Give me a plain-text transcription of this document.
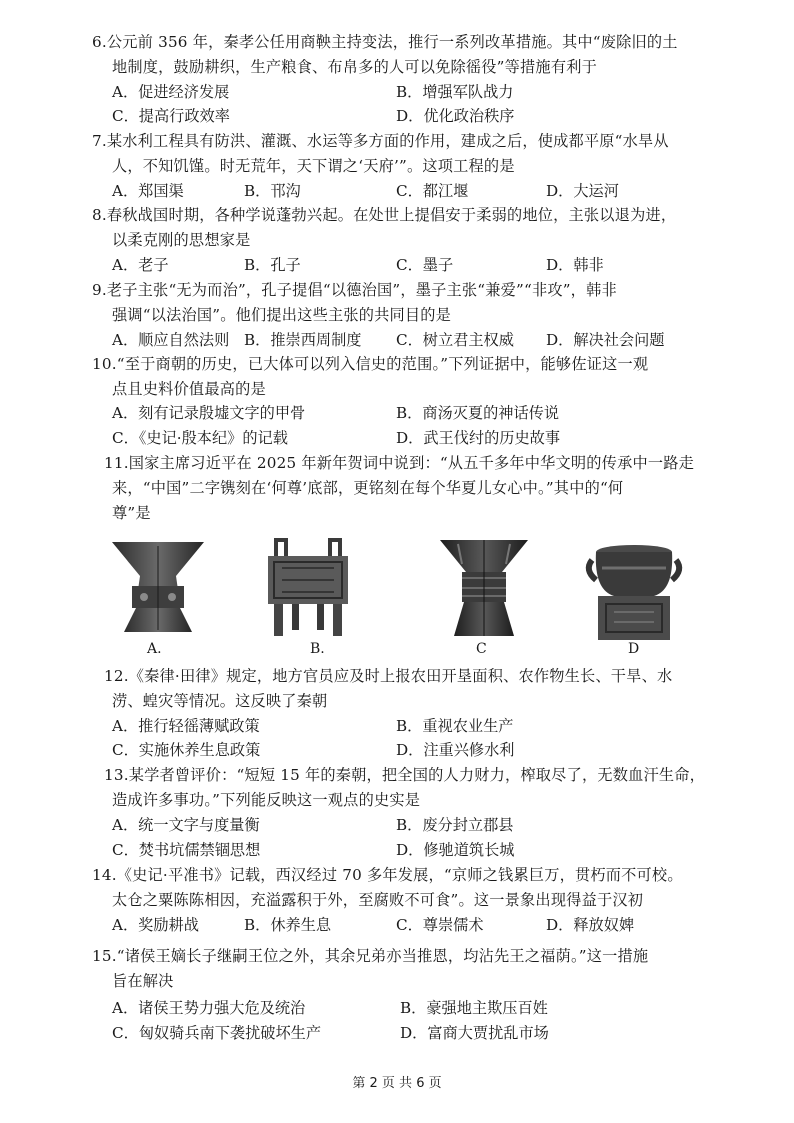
6.公元前 356 年，秦孝公任用商鞅主持变法，推行一系列改革措施。其中“废除旧的土
地制度，鼓励耕织，生产粮食、布帛多的人可以免除徭役”等措施有利于
A．促进经济发展	B．增强军队战力
C．提高行政效率	D．优化政治秩序
7.某水利工程具有防洪、灌溉、水运等多方面的作用，建成之后，使成都平原“水旱从
人，不知饥馑。时无荒年，天下谓之‘天府’”。这项工程的是
A．郑国渠	B．邗沟	C．都江堰	D．大运河
8.春秋战国时期，各种学说蓬勃兴起。在处世上提倡安于柔弱的地位，主张以退为进，
以柔克刚的思想家是
A．老子	B．孔子	C．墨子	D．韩非
9.老子主张“无为而治”，孔子提倡“以德治国”，墨子主张“兼爱”“非攻”，韩非
强调“以法治国”。他们提出这些主张的共同目的是
A．顺应自然法则 B．推崇西周制度 C．树立君主权威 D．解决社会问题
10.“至于商朝的历史，已大体可以列入信史的范围。”下列证据中，能够佐证这一观
点且史料价值最高的是
A．刻有记录殷墟文字的甲骨	B．商汤灭夏的神话传说
C．《史记·殷本纪》的记载	D．武王伐纣的历史故事
11.国家主席习近平在 2025 年新年贺词中说到：“从五千多年中华文明的传承中一路走
来，“中国”二字镌刻在‘何尊’底部，更铭刻在每个华夏儿女心中。”其中的“何
尊”是
A.	B.	C	D
12.《秦律·田律》规定，地方官员应及时上报农田开垦面积、农作物生长、干旱、水
涝、蝗灾等情况。这反映了秦朝
A．推行轻徭薄赋政策	B．重视农业生产
C．实施休养生息政策	D．注重兴修水利
13.某学者曾评价：“短短 15 年的秦朝，把全国的人力财力，榨取尽了，无数血汗生命，
造成许多事功。”下列能反映这一观点的史实是
A．统一文字与度量衡	B．废分封立郡县
C．焚书坑儒禁锢思想	D．修驰道筑长城
14.《史记·平准书》记载，西汉经过 70 多年发展，“京师之钱累巨万，贯朽而不可校。
太仓之粟陈陈相因，充溢露积于外，至腐败不可食”。这一景象出现得益于汉初
A．奖励耕战	B．休养生息	C．尊崇儒术	D．释放奴婢
15.“诸侯王嫡长子继嗣王位之外，其余兄弟亦当推恩，均沾先王之福荫。”这一措施
旨在解决
A．诸侯王势力强大危及统治	B．豪强地主欺压百姓
C．匈奴骑兵南下袭扰破坏生产	D．富商大贾扰乱市场
第 2 页 共 6 页
